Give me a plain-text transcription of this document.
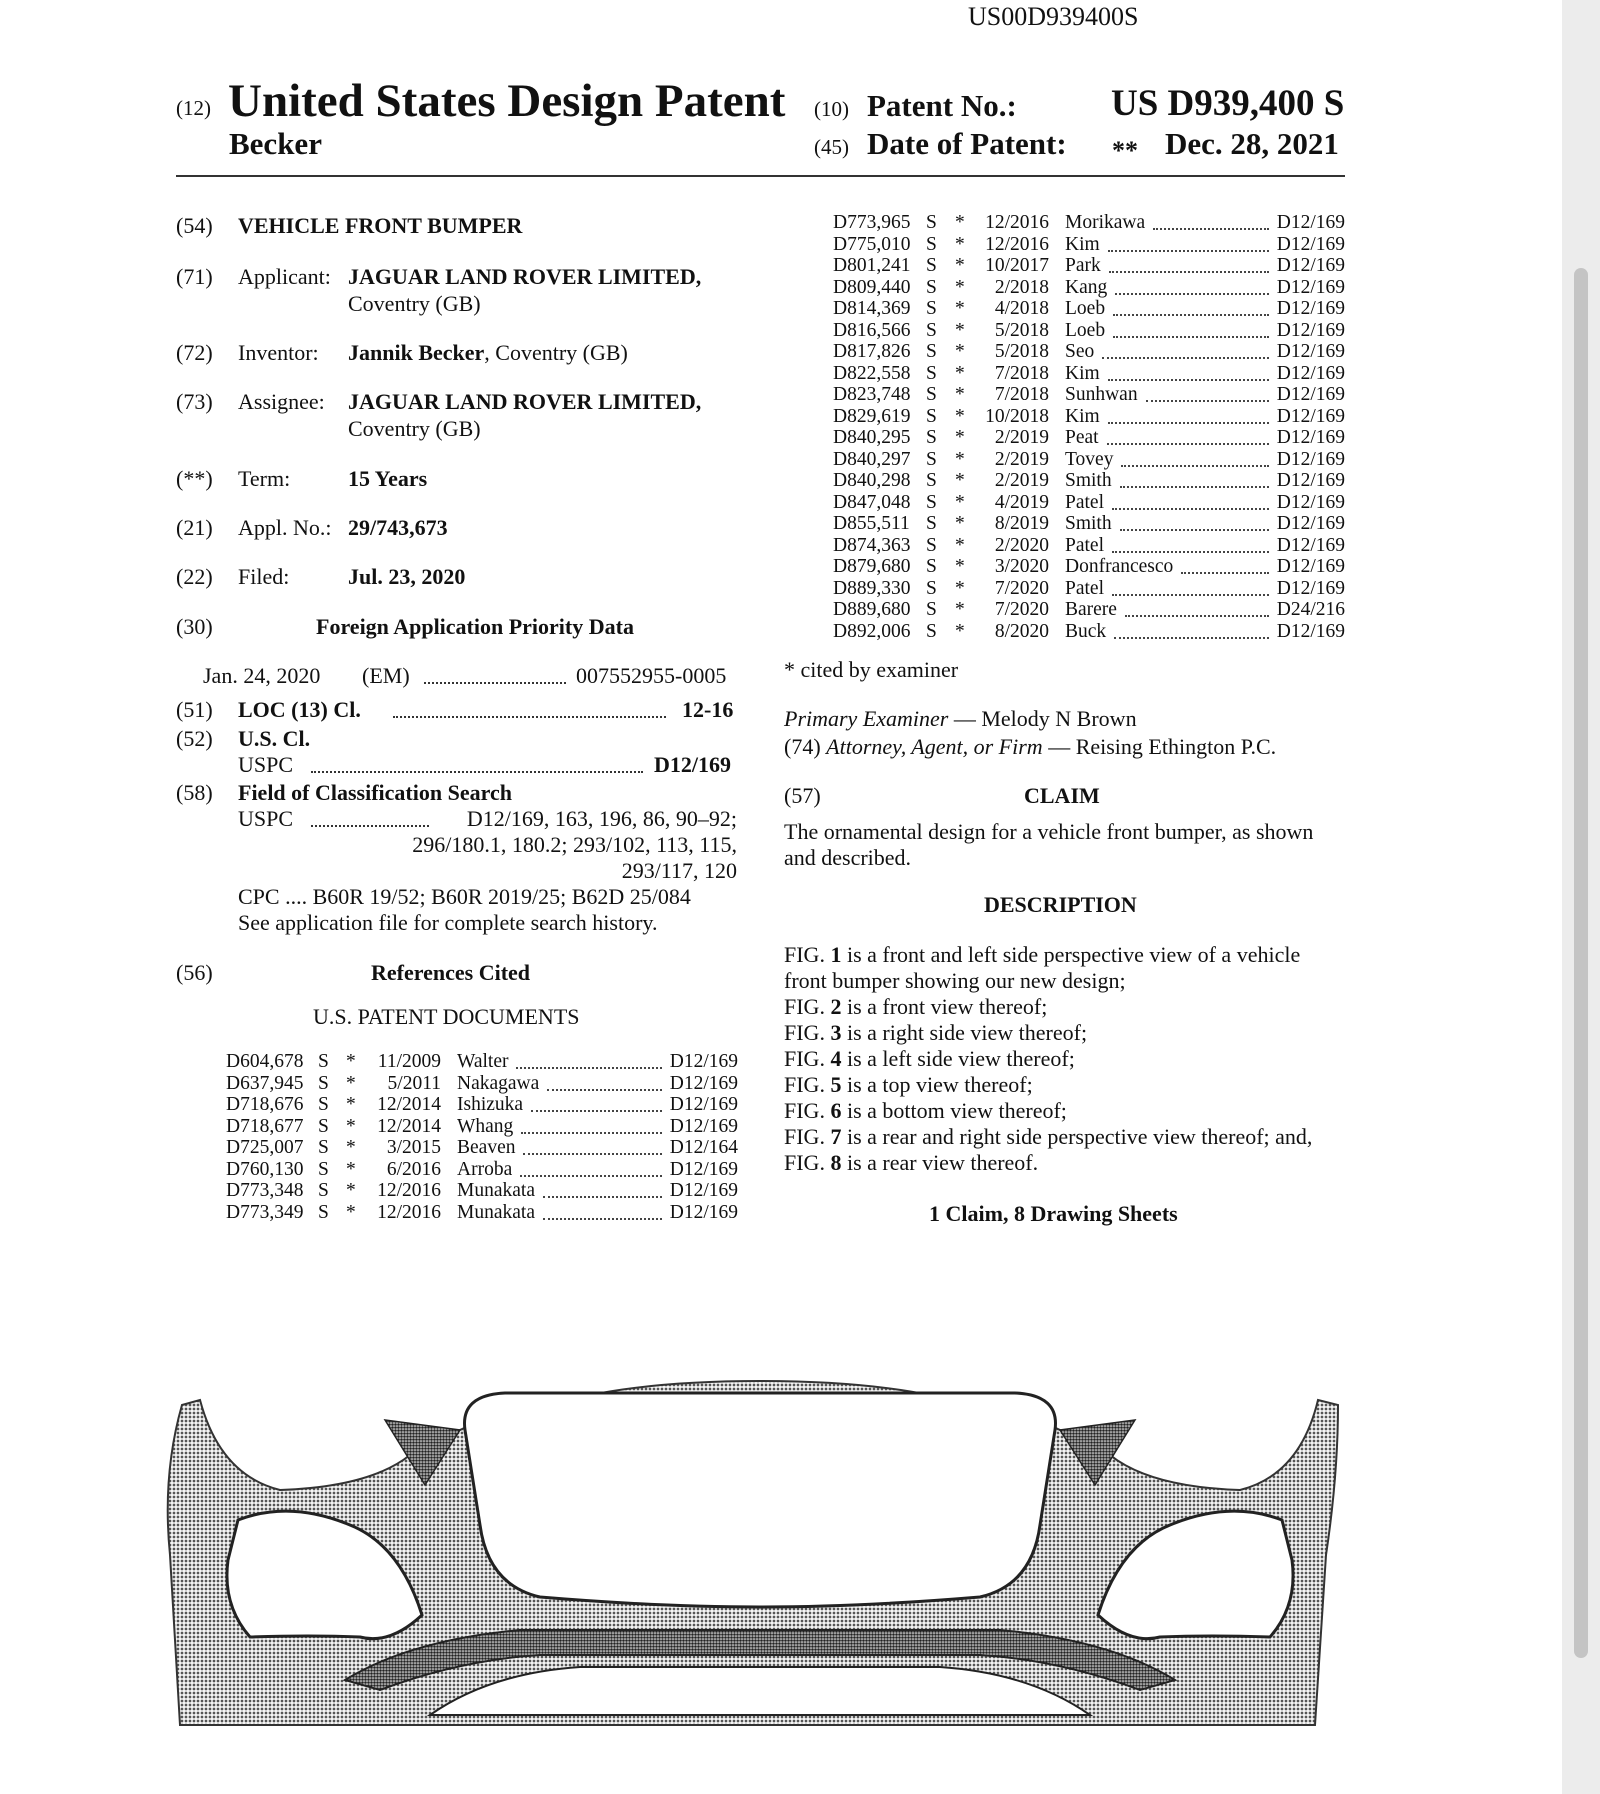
US00D939400S
(12) United States Design Patent
Becker
(10) Patent No.:	US D939,400 S
(45) Date of Patent: ** Dec. 28, 2021
(54) VEHICLE FRONT BUMPER
(71) Applicant: JAGUAR LAND ROVER LIMITED,
Coventry (GB)
(72) Inventor: Jannik Becker, Coventry (GB)
(73) Assignee: JAGUAR LAND ROVER LIMITED,
Coventry (GB)
(**) Term:	15 Years
(21) Appl. No.: 29/743,673
(22) Filed:	Jul. 23, 2020
(30)	Foreign Application Priority Data
Jan. 24, 2020 (EM)	007552955-0005
(51) LOC (13) Cl.	12-16
(52) U.S. Cl.
USPC	D12/169
(58) Field of Classification Search
USPC	D12/169, 163, 196, 86, 90–92;
296/180.1, 180.2; 293/102, 113, 115,
293/117, 120
CPC .... B60R 19/52; B60R 2019/25; B62D 25/084
See application file for complete search history.
(56)	References Cited
U.S. PATENT DOCUMENTS
D604,678 S * 11/2009 Walter	D12/169
D637,945 S * 5/2011 Nakagawa	D12/169
D718,676 S * 12/2014 Ishizuka	D12/169
D718,677 S * 12/2014 Whang	D12/169
D725,007 S * 3/2015 Beaven	D12/164
D760,130 S * 6/2016 Arroba	D12/169
D773,348 S * 12/2016 Munakata	D12/169
D773,349 S * 12/2016 Munakata	D12/169
D773,965 S * 12/2016 Morikawa	D12/169
D775,010 S * 12/2016 Kim	D12/169
D801,241 S * 10/2017 Park	D12/169
D809,440 S * 2/2018 Kang	D12/169
D814,369 S * 4/2018 Loeb	D12/169
D816,566 S * 5/2018 Loeb	D12/169
D817,826 S * 5/2018 Seo	D12/169
D822,558 S * 7/2018 Kim	D12/169
D823,748 S * 7/2018 Sunhwan	D12/169
D829,619 S * 10/2018 Kim	D12/169
D840,295 S * 2/2019 Peat	D12/169
D840,297 S * 2/2019 Tovey	D12/169
D840,298 S * 2/2019 Smith	D12/169
D847,048 S * 4/2019 Patel	D12/169
D855,511 S * 8/2019 Smith	D12/169
D874,363 S * 2/2020 Patel	D12/169
D879,680 S * 3/2020 Donfrancesco	D12/169
D889,330 S * 7/2020 Patel	D12/169
D889,680 S * 7/2020 Barere	D24/216
D892,006 S * 8/2020 Buck	D12/169
* cited by examiner
Primary Examiner — Melody N Brown
(74) Attorney, Agent, or Firm — Reising Ethington P.C.
(57)	CLAIM
The ornamental design for a vehicle front bumper, as shown
and described.
DESCRIPTION
FIG. 1 is a front and left side perspective view of a vehicle
front bumper showing our new design;
FIG. 2 is a front view thereof;
FIG. 3 is a right side view thereof;
FIG. 4 is a left side view thereof;
FIG. 5 is a top view thereof;
FIG. 6 is a bottom view thereof;
FIG. 7 is a rear and right side perspective view thereof; and,
FIG. 8 is a rear view thereof.
1 Claim, 8 Drawing Sheets
